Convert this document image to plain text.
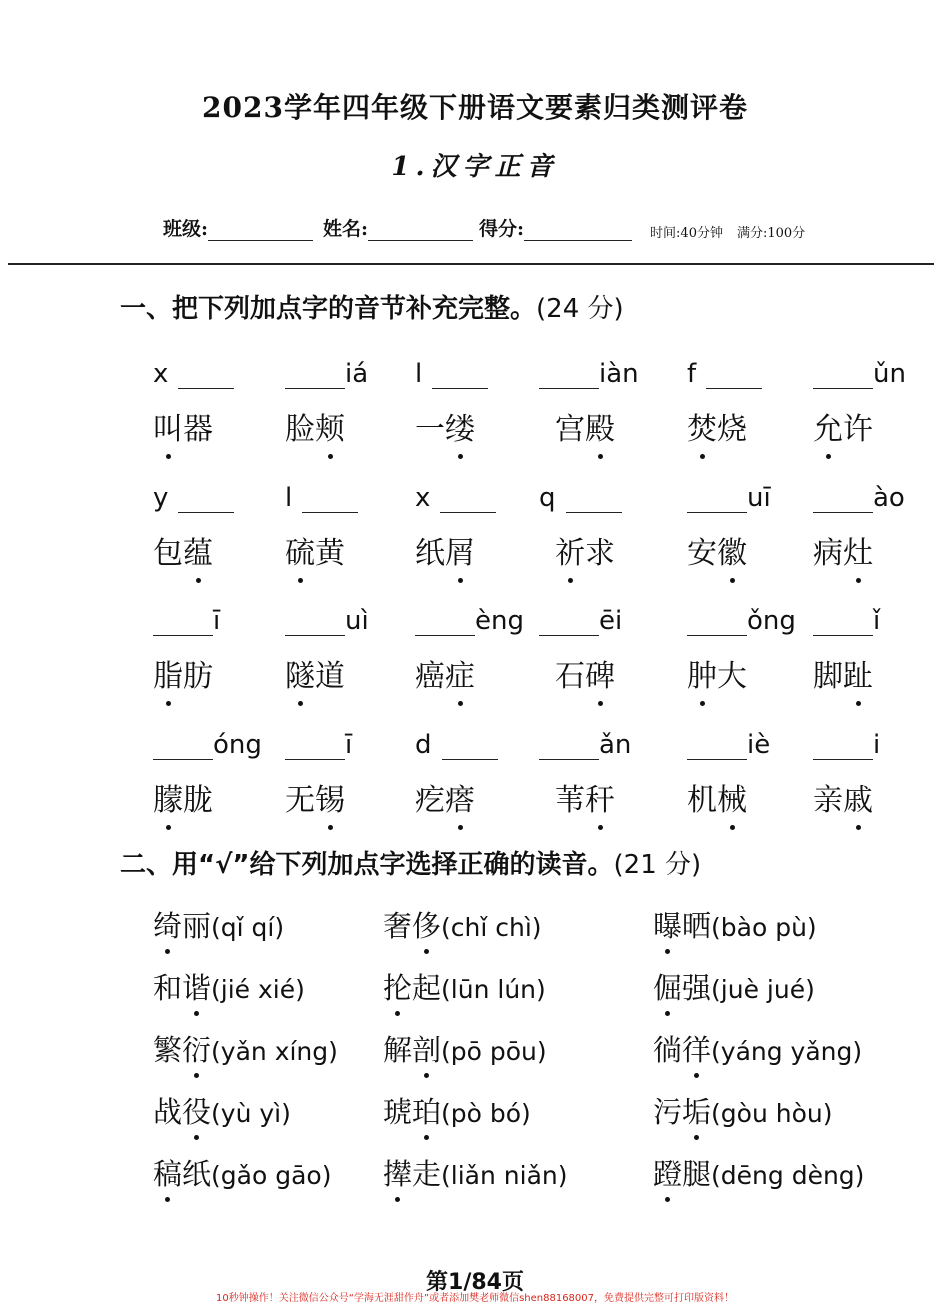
2023学年四年级下册语文要素归类测评卷
1.汉字正音
班级:	姓名:	得分:	时间:40分钟 满分:100分
一、把下列加点字的音节补充完整。(24 分)
x	iá l	iàn f	ǔn
叫器 脸颊 一缕	宫殿 焚烧 允许
y	l	x	q	uī	ào
包蕴 硫黄 纸屑	祈求 安徽 病灶
ī	uì	èng	ēi	ǒng	ǐ
脂肪 隧道 癌症	石碑 肿大 脚趾
óng	ī d	ǎn	iè	i
朦胧 无锡 疙瘩	苇秆 机械 亲戚
二、用“√”给下列加点字选择正确的读音。(21 分)
绮丽(qǐ qí)	奢侈(chǐ chì)	曝晒(bào pù)
和谐(jié xié)	抡起(lūn lún)	倔强(juè jué)
繁衍(yǎn xíng) 解剖(pō pōu)	徜徉(yáng yǎng)
战役(yù yì)	琥珀(pò bó)	污垢(gòu hòu)
稿纸(gǎo gāo) 撵走(liǎn niǎn)	蹬腿(dēng dèng)
第1/84页
10秒钟操作！关注微信公众号“学海无涯甜作舟”或者添加樊老师微信shen88168007，免费提供完整可打印版资料！
